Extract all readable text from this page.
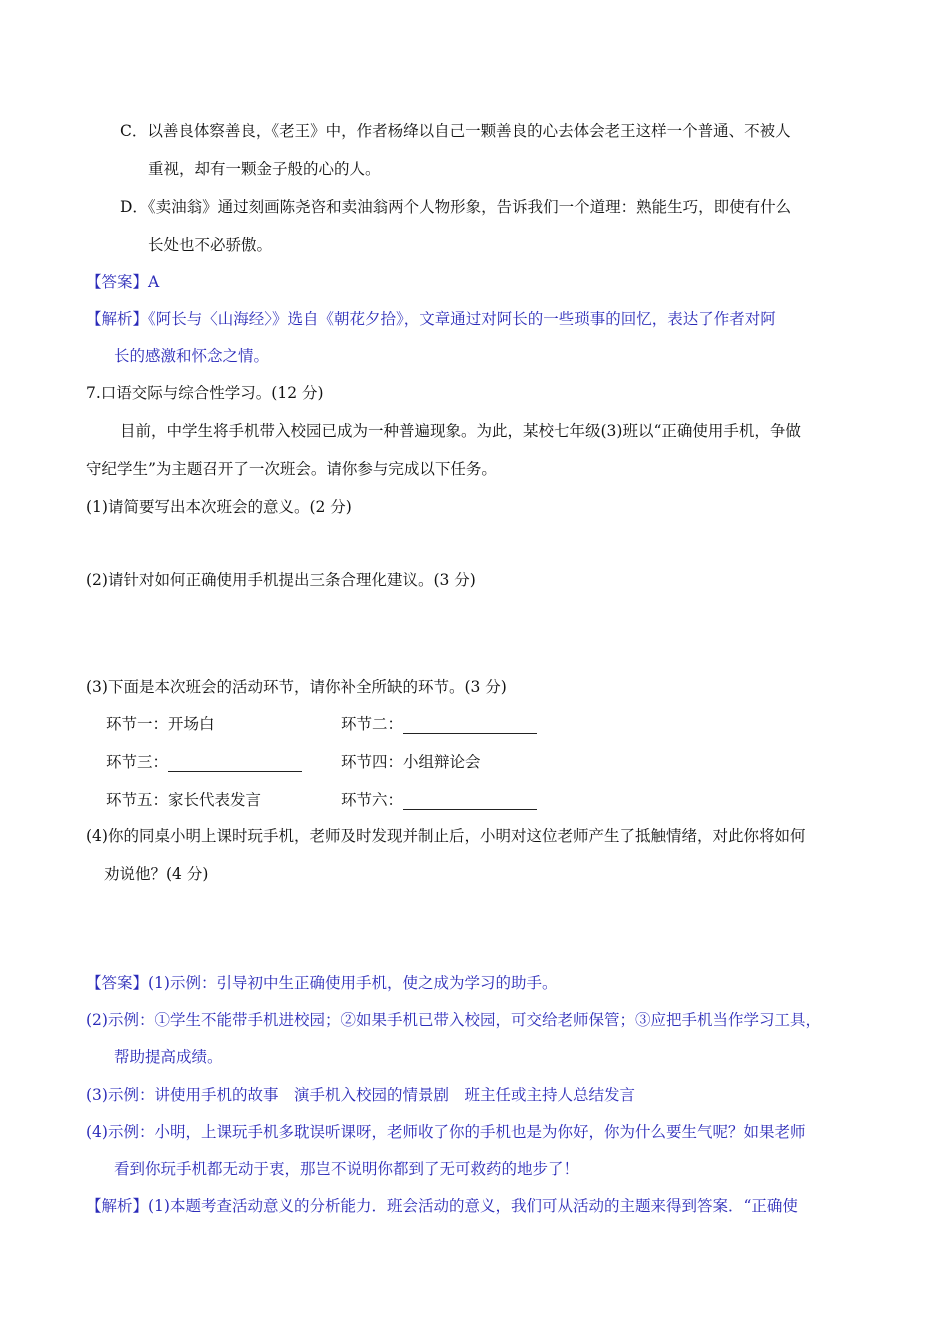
C．以善良体察善良，《老王》中，作者杨绛以自己一颗善良的心去体会老王这样一个普通、不被人
重视，却有一颗金子般的心的人。
D．《卖油翁》通过刻画陈尧咨和卖油翁两个人物形象，告诉我们一个道理：熟能生巧，即使有什么
长处也不必骄傲。
【答案】A
【解析】《阿长与〈山海经〉》选自《朝花夕拾》，文章通过对阿长的一些琐事的回忆，表达了作者对阿
长的感激和怀念之情。
7.口语交际与综合性学习。(12 分)
目前，中学生将手机带入校园已成为一种普遍现象。为此，某校七年级(3)班以“正确使用手机，争做
守纪学生”为主题召开了一次班会。请你参与完成以下任务。
(1)请简要写出本次班会的意义。(2 分)
(2)请针对如何正确使用手机提出三条合理化建议。(3 分)
(3)下面是本次班会的活动环节，请你补全所缺的环节。(3 分)
环节一：开场白	环节二：
环节三：	环节四：小组辩论会
环节五：家长代表发言	环节六：
(4)你的同桌小明上课时玩手机，老师及时发现并制止后，小明对这位老师产生了抵触情绪，对此你将如何
劝说他？(4 分)
【答案】(1)示例：引导初中生正确使用手机，使之成为学习的助手。
(2)示例：①学生不能带手机进校园；②如果手机已带入校园，可交给老师保管；③应把手机当作学习工具，
帮助提高成绩。
(3)示例：讲使用手机的故事　演手机入校园的情景剧　班主任或主持人总结发言
(4)示例：小明，上课玩手机多耽误听课呀，老师收了你的手机也是为你好，你为什么要生气呢？如果老师
看到你玩手机都无动于衷，那岂不说明你都到了无可救药的地步了！
【解析】(1)本题考查活动意义的分析能力．班会活动的意义，我们可从活动的主题来得到答案．“正确使
